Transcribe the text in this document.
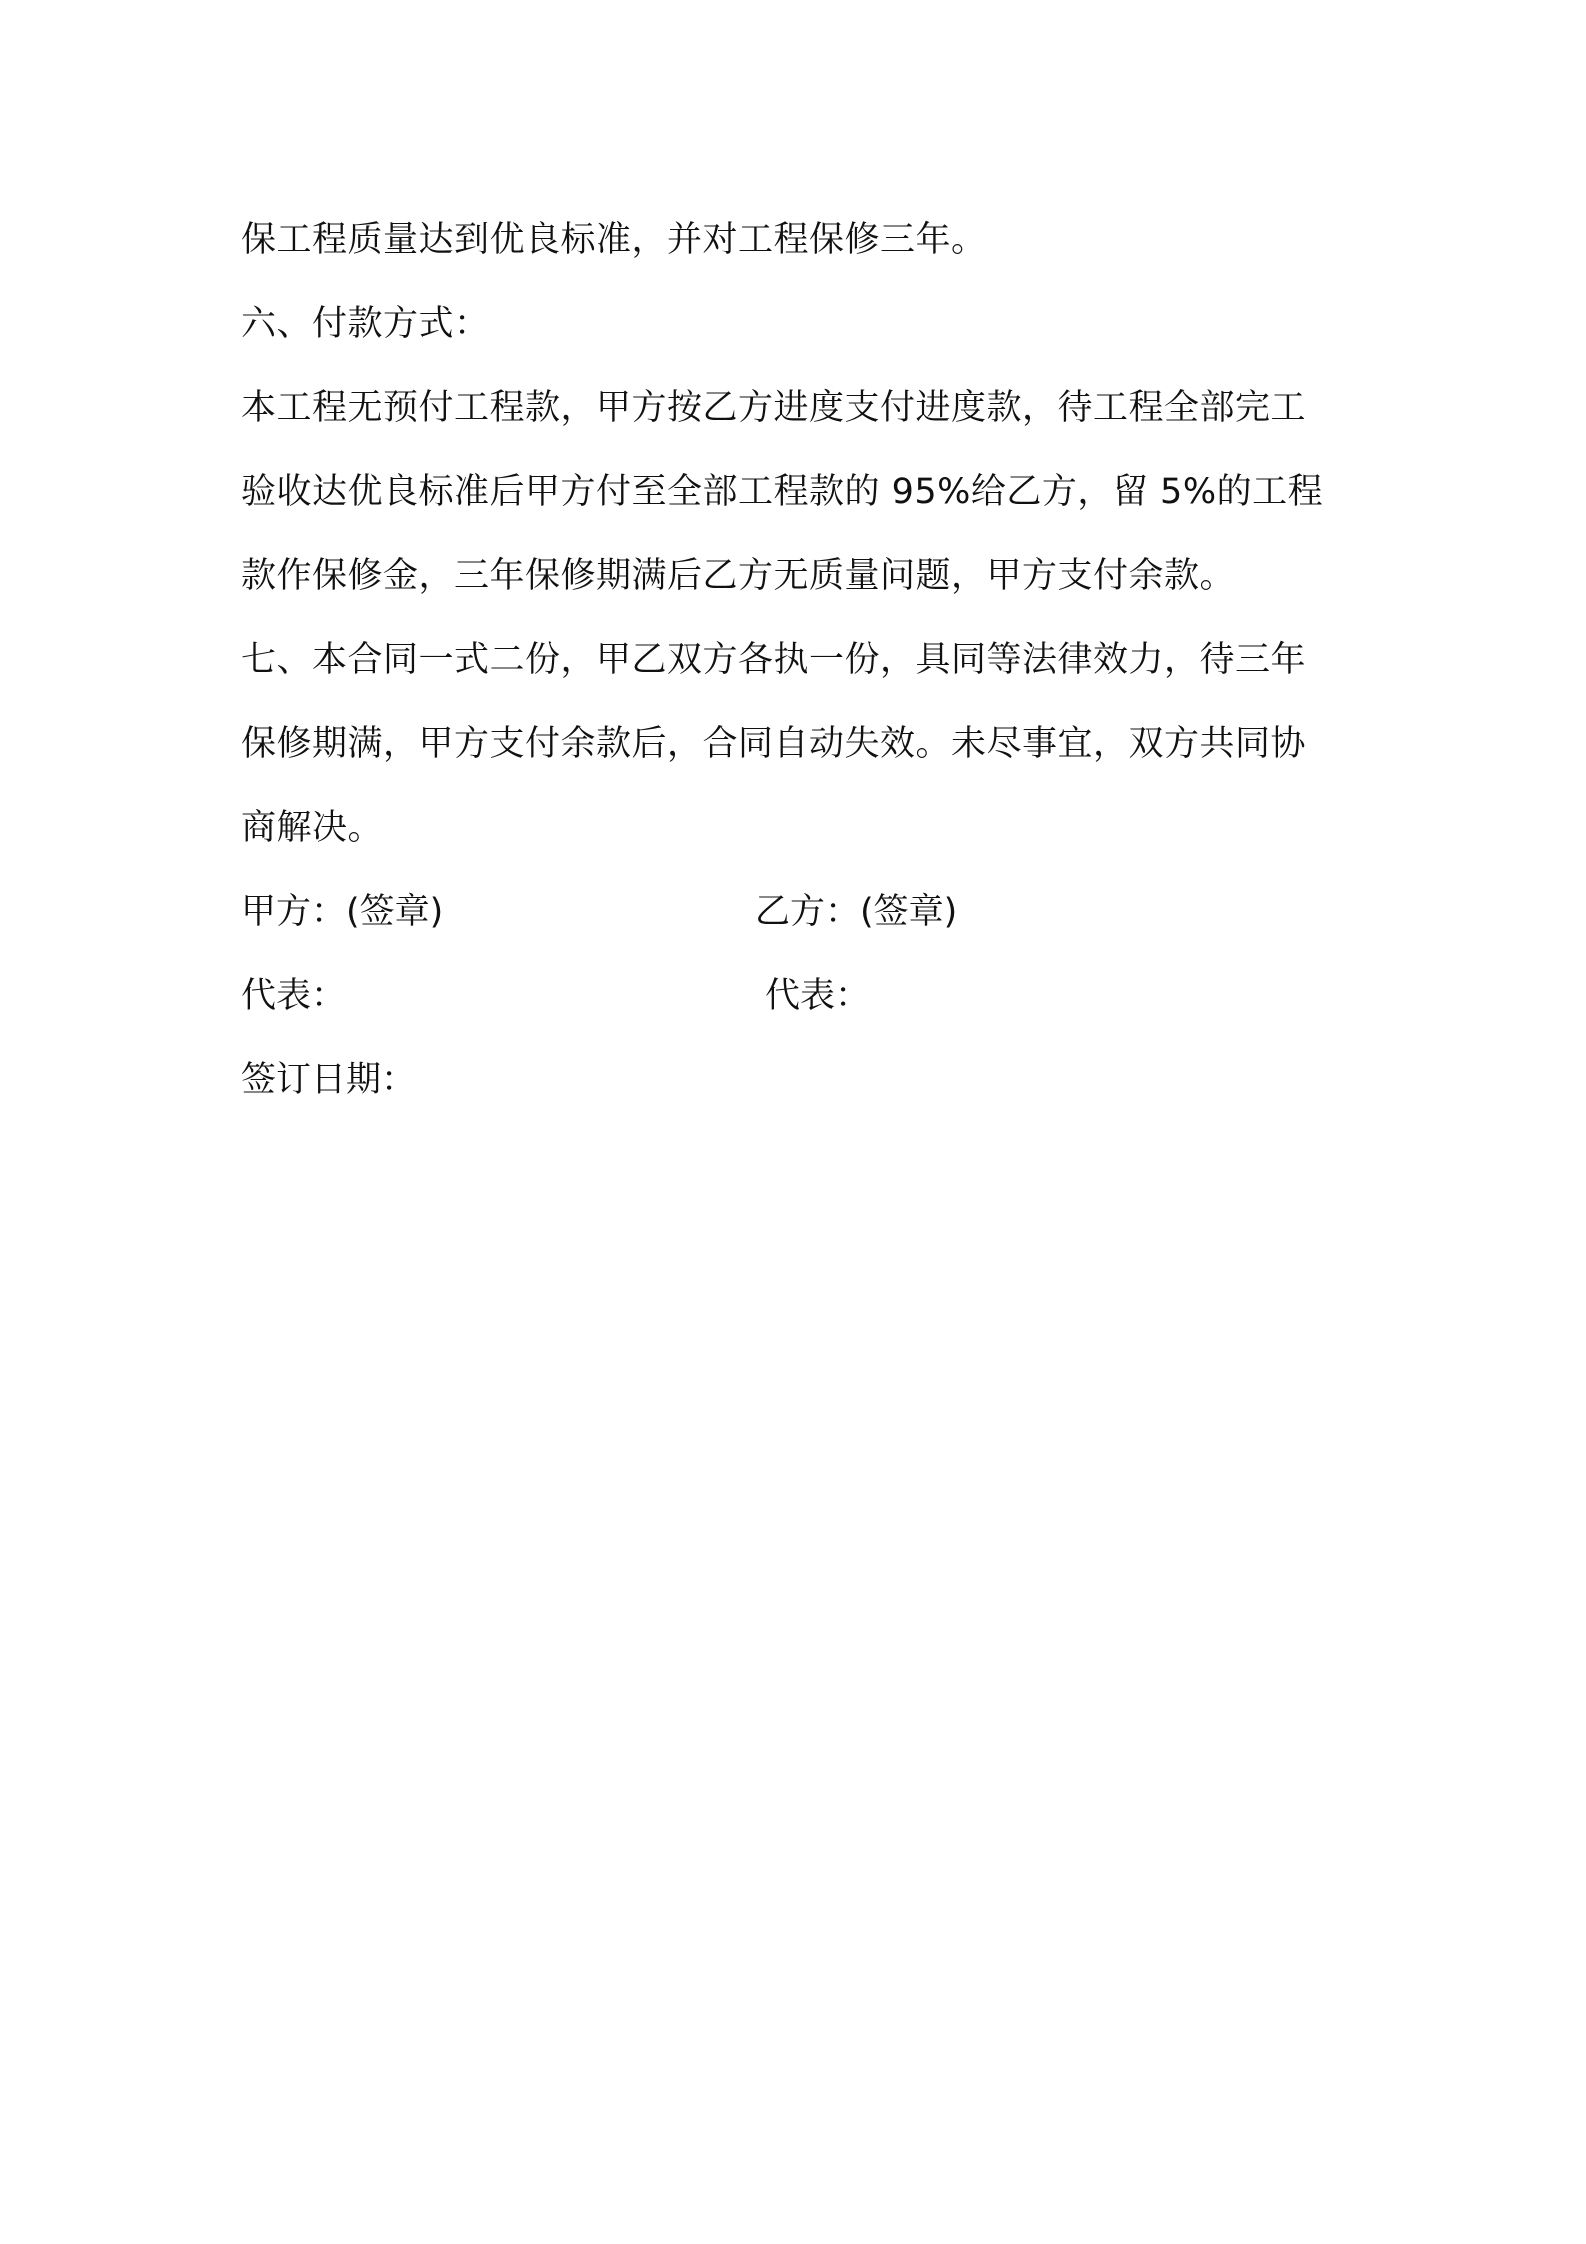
保工程质量达到优良标准，并对工程保修三年。
六、付款方式：
本工程无预付工程款，甲方按乙方进度支付进度款，待工程全部完工
验收达优良标准后甲方付至全部工程款的 95%给乙方，留 5%的工程
款作保修金，三年保修期满后乙方无质量问题，甲方支付余款。
七、本合同一式二份，甲乙双方各执一份，具同等法律效力，待三年
保修期满，甲方支付余款后，合同自动失效。未尽事宜，双方共同协
商解决。
甲方：(签章)	乙方：(签章)
代表：	代表：
签订日期：
